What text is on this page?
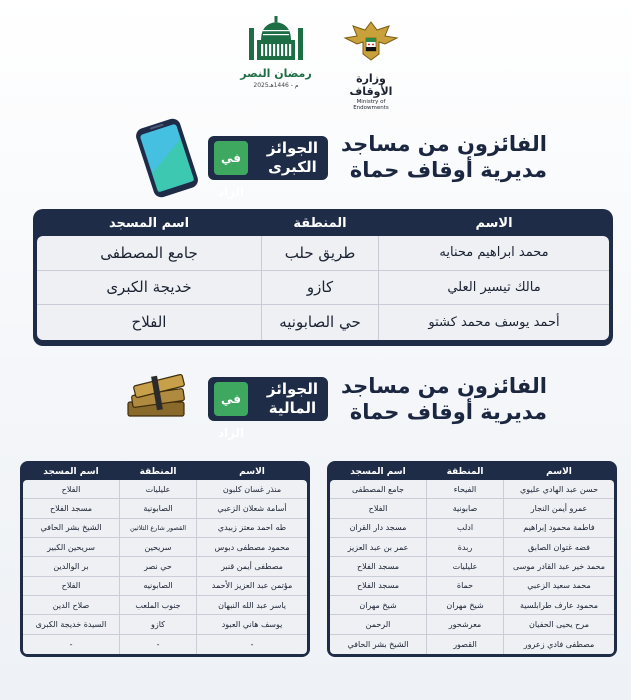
وزارة الأوقاف
Ministry of Endowments
رمضان النصر
2025م - 1446هـ
الفائزون من مساجد
مديرية أوقاف حماة
الجوائز
الكبرى
في الزاد
الاسم
المنطقة
اسم المسجد
محمد ابراهيم محنايه
طريق حلب
جامع المصطفى
مالك تيسير العلي
كازو
خديجة الكبرى
أحمد يوسف محمد كشتو
حي الصابونيه
الفلاح
الفائزون من مساجد
مديرية أوقاف حماة
الجوائز
المالية
في الزاد
الاسم
المنطقة
اسم المسجد
حسن عبد الهادي عليوي
الفيحاء
جامع المصطفى
عمرو أيمن النجار
صابونية
الفلاح
فاطمة محمود إبراهيم
ادلب
مسجد دار القران
فضه غتوان الصابق
ربدة
عمر بن عبد العزيز
محمد خير عبد القادر موسى
عليليات
مسجد الفلاح
محمد سعيد الزعبي
حماة
مسجد الفلاح
محمود عارف طرابلسية
شيخ مهران
شيخ مهران
مرح يحيى الحفيان
معرشحور
الرحمن
مصطفى فادي زعرور
القصور
الشيخ بشر الحافي
الاسم
المنطقة
اسم المسجد
منذر غسان كلبون
عليليات
الفلاح
أسامة شعلان الزعبي
الصابونية
مسجد الفلاح
طه احمد معتز زبيدي
القصور شارع الثلاثين
الشيخ بشر الحافي
محمود مصطفى دبوس
سريحين
سريحين الكبير
مصطفى أيمن قنبر
حي نصر
بر الوالدين
مؤتمن عبد العزيز الأحمد
الصابونيه
الفلاح
ياسر عبد الله النبهان
جنوب الملعب
صلاح الدين
يوسف هاني العبود
كازو
السيدة خديجة الكبرى
-
-
-
